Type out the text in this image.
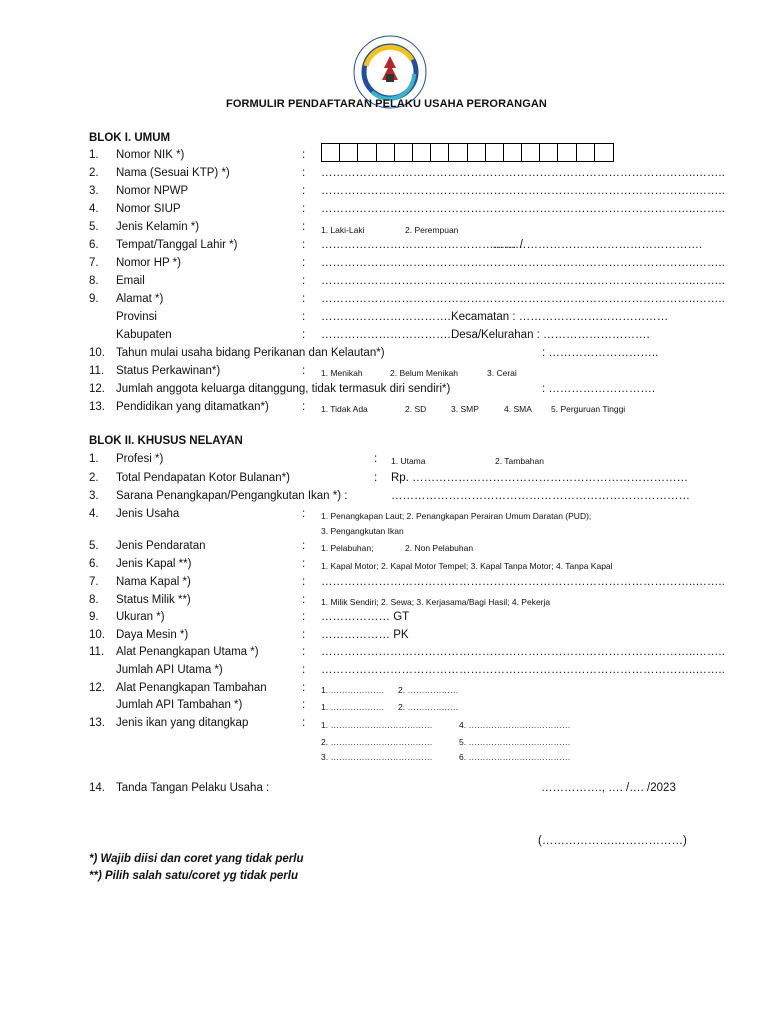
FORMULIR PENDAFTARAN PELAKU USAHA PERORANGAN
BLOK I. UMUM
1. Nomor NIK *)	:
2. Nama (Sesuai KTP) *)	: ……………………………………………………………………………………..……..
3. Nomor NPWP	: ……………………………………………………………………………………..……..
4. Nomor SIUP	: ……………………………………………………………………………………..……..
5. Jenis Kelamin *)	: 1. Laki-Laki	2. Perempuan
6. Tempat/Tanggal Lahir *)	: …………………………………………… /
……………………………………………….
7. Nomor HP *)	: ……………………………………………………………………………………..……..
8. Email	: ……………………………………………………………………………………..……..
9. Alamat *)	: ……………………………………………………………………………………..……..
Provinsi	: ……………………………..
Kecamatan : …………………………………
Kabupaten	: ……………………………..
Desa/Kelurahan : ……………………….
10. Tahun mulai usaha bidang Perikanan dan Kelautan*)	: ………………………..
11. Status Perkawinan*)	: 1. Menikah	2. Belum Menikah	3. Cerai
12. Jumlah anggota keluarga ditanggung, tidak termasuk diri sendiri*)	: ……………………….
13. Pendidikan yang ditamatkan*)	: 1. Tidak Ada	2. SD	3. SMP	4. SMA 5. Perguruan Tinggi
BLOK II. KHUSUS NELAYAN
1. Profesi *)	: 1. Utama	2. Tambahan
2. Total Pendapatan Kotor Bulanan*)	: Rp. ………………………………………………………………
3. Sarana Penangkapan/Pengangkutan Ikan *) :	……………………………………………………………………
4. Jenis Usaha	: 1. Penangkapan Laut; 2. Penangkapan Perairan Umum Daratan (PUD);
3. Pengangkutan Ikan
5. Jenis Pendaratan	: 1. Pelabuhan;	2. Non Pelabuhan
6. Jenis Kapal **)	: 1. Kapal Motor; 2. Kapal Motor Tempel; 3. Kapal Tanpa Motor; 4. Tanpa Kapal
7. Nama Kapal *)	: ……………………………………………………………………………………..……..
8. Status Milik **)	: 1. Milik Sendiri; 2. Sewa; 3. Kerjasama/Bagi Hasil; 4. Pekerja
9. Ukuran *)	: ……………… GT
10. Daya Mesin *)	: ……………… PK
11. Alat Penangkapan Utama *)	: ……………………………………………………………………………………..……..
Jumlah API Utama *)	: ……………………………………………………………………………………..……..
12. Alat Penangkapan Tambahan	: 1. ………………. 2. ………………
Jumlah API Tambahan *)	: 1. ………………. 2. ………………
13. Jenis ikan yang ditangkap	: 1. ………………………………
2. ………………………………
3. ………………………………
4. ………………………………
5. ………………………………
6. ………………………………
14. Tanda Tangan Pelaku Usaha :	……………., …. /…. /2023
(……………….………………)
*) Wajib diisi dan coret yang tidak perlu
**) Pilih salah satu/coret yg tidak perlu
